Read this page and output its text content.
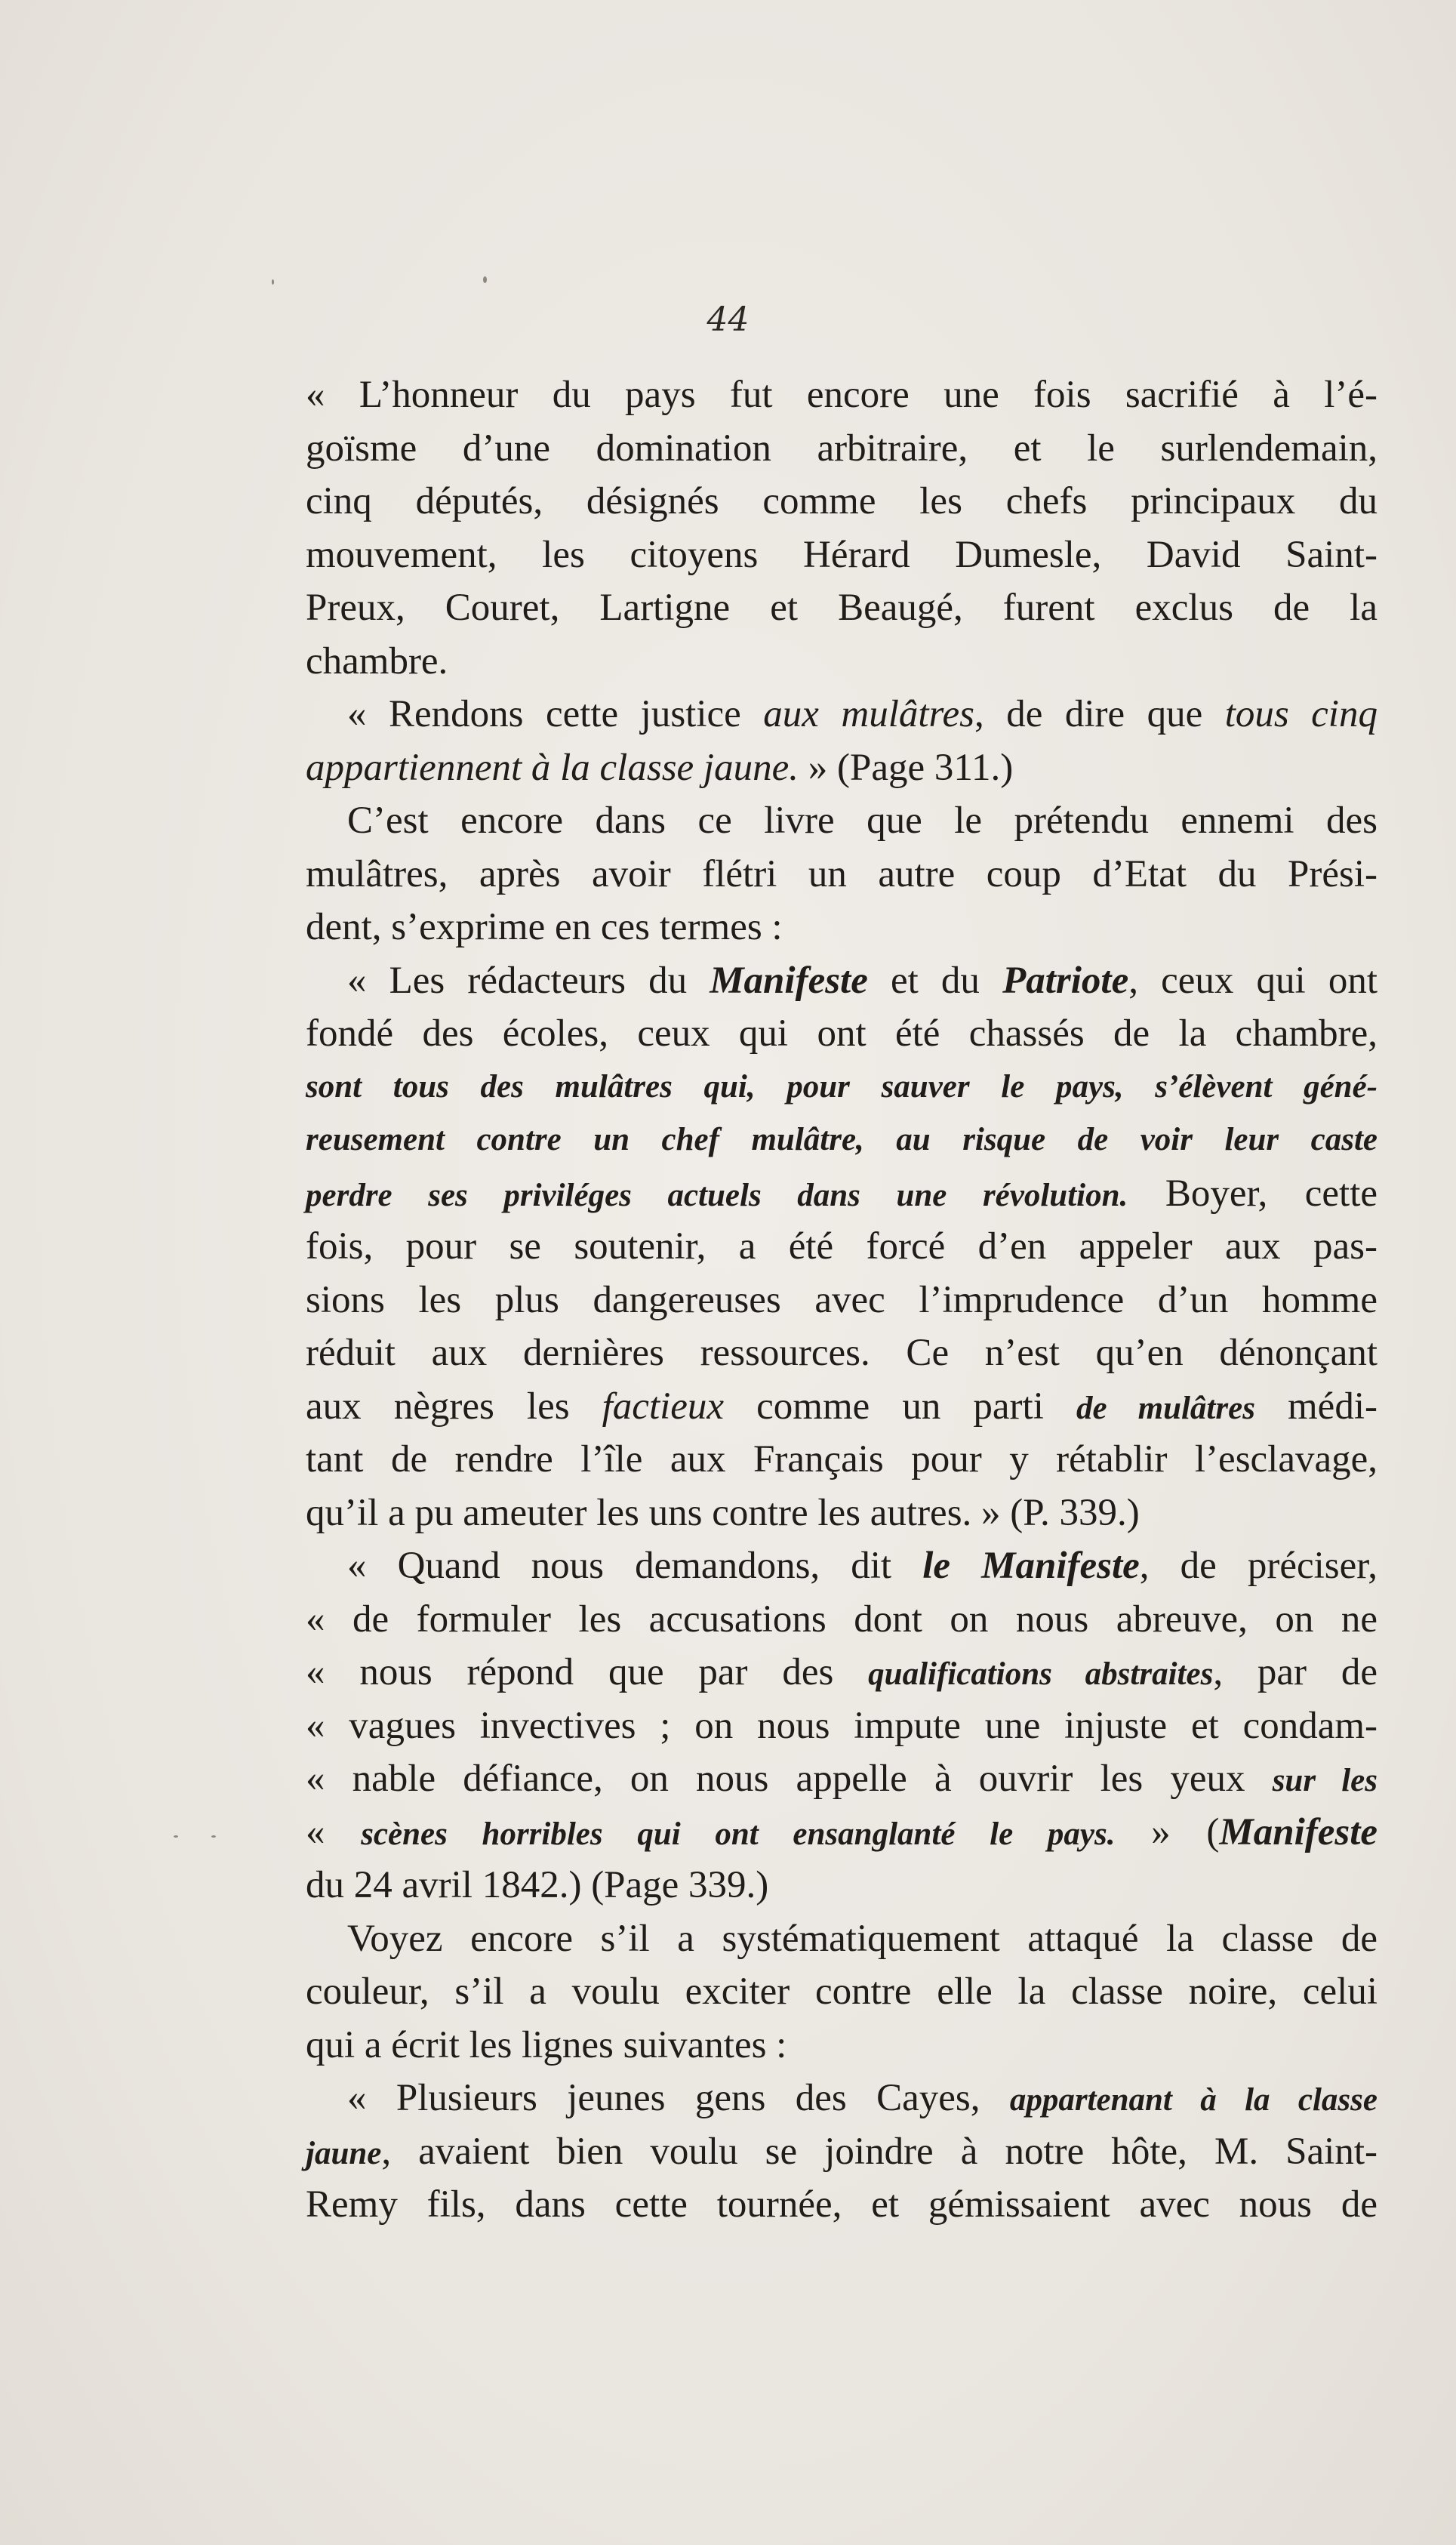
44
« L’honneur du pays fut encore une fois sacrifié à l’é-
goïsme d’une domination arbitraire, et le surlendemain,
cinq députés, désignés comme les chefs principaux du
mouvement, les citoyens Hérard Dumesle, David Saint-
Preux, Couret, Lartigne et Beaugé, furent exclus de la
chambre.
« Rendons cette justice aux mulâtres, de dire que tous cinq
appartiennent à la classe jaune. » (Page 311.)
C’est encore dans ce livre que le prétendu ennemi des
mulâtres, après avoir flétri un autre coup d’Etat du Prési-
dent, s’exprime en ces termes :
« Les rédacteurs du Manifeste et du Patriote, ceux qui ont
fondé des écoles, ceux qui ont été chassés de la chambre,
sont tous des mulâtres qui, pour sauver le pays, s’élèvent géné-
reusement contre un chef mulâtre, au risque de voir leur caste
perdre ses priviléges actuels dans une révolution. Boyer, cette
fois, pour se soutenir, a été forcé d’en appeler aux pas-
sions les plus dangereuses avec l’imprudence d’un homme
réduit aux dernières ressources. Ce n’est qu’en dénonçant
aux nègres les factieux comme un parti de mulâtres médi-
tant de rendre l’île aux Français pour y rétablir l’esclavage,
qu’il a pu ameuter les uns contre les autres. » (P. 339.)
« Quand nous demandons, dit le Manifeste, de préciser,
« de formuler les accusations dont on nous abreuve, on ne
« nous répond que par des qualifications abstraites, par de
« vagues invectives ; on nous impute une injuste et condam-
« nable défiance, on nous appelle à ouvrir les yeux sur les
« scènes horribles qui ont ensanglanté le pays. » (Manifeste
du 24 avril 1842.) (Page 339.)
Voyez encore s’il a systématiquement attaqué la classe de
couleur, s’il a voulu exciter contre elle la classe noire, celui
qui a écrit les lignes suivantes :
« Plusieurs jeunes gens des Cayes, appartenant à la classe
jaune, avaient bien voulu se joindre à notre hôte, M. Saint-
Remy fils, dans cette tournée, et gémissaient avec nous de
